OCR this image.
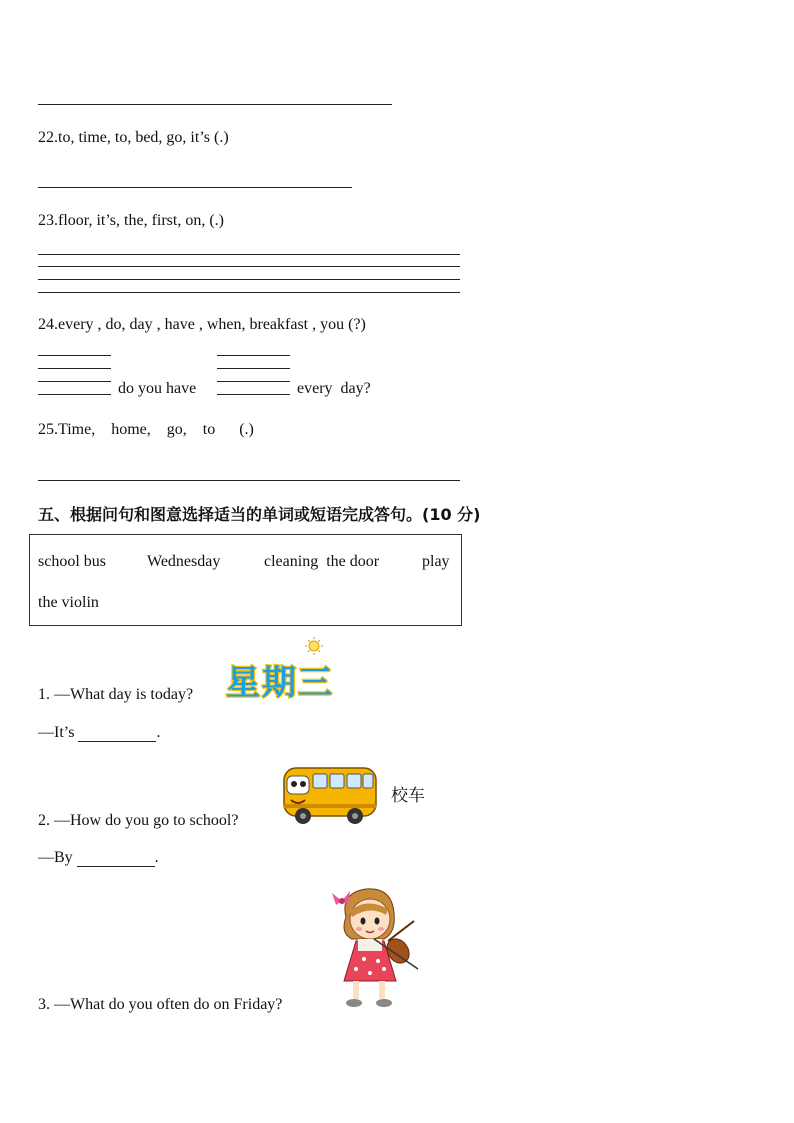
22.to, time, to, bed, go, it’s (.)
23.floor, it’s, the, first, on, (.)
24.every , do, day , have , when, breakfast , you (?)
do you have	every  day?
25.Time,    home,    go,    to      (.)
五、根据问句和图意选择适当的单词或短语完成答句。(10 分)
school bus	Wednesday	cleaning  the door	play
the violin
1. —What day is today? 星期三
—It’s	.
2. —How do you go to school?
校车
—By	.
3. —What do you often do on Friday?
